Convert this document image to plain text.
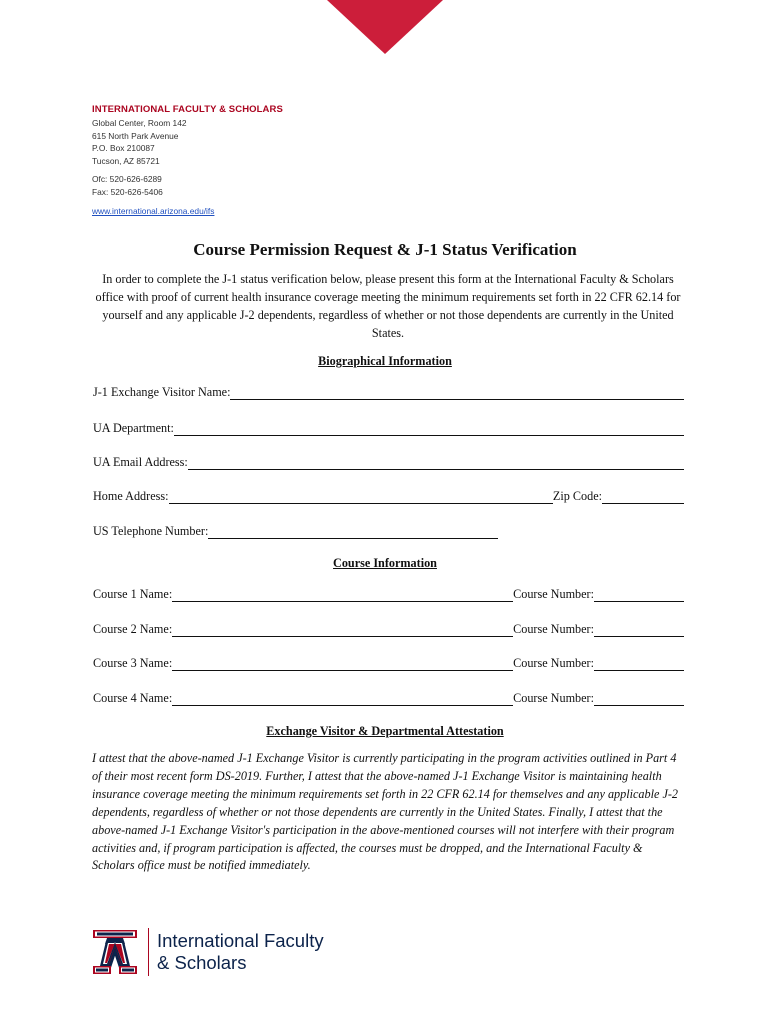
INTERNATIONAL FACULTY & SCHOLARS
Global Center, Room 142
615 North Park Avenue
P.O. Box 210087
Tucson, AZ 85721
Ofc: 520-626-6289
Fax: 520-626-5406
www.international.arizona.edu/ifs
Course Permission Request & J-1 Status Verification
In order to complete the J-1 status verification below, please present this form at the International Faculty & Scholars office with proof of current health insurance coverage meeting the minimum requirements set forth in 22 CFR 62.14 for yourself and any applicable J-2 dependents, regardless of whether or not those dependents are currently in the United States.
Biographical Information
J-1 Exchange Visitor Name:
UA Department:
UA Email Address:
Home Address:	Zip Code:
US Telephone Number:
Course Information
Course 1 Name:	Course Number:
Course 2 Name:	Course Number:
Course 3 Name:	Course Number:
Course 4 Name:	Course Number:
Exchange Visitor & Departmental Attestation
I attest that the above-named J-1 Exchange Visitor is currently participating in the program activities outlined in Part 4 of their most recent form DS-2019. Further, I attest that the above-named J-1 Exchange Visitor is maintaining health insurance coverage meeting the minimum requirements set forth in 22 CFR 62.14 for themselves and any applicable J-2 dependents, regardless of whether or not those dependents are currently in the United States. Finally, I attest that the above-named J-1 Exchange Visitor's participation in the above-mentioned courses will not interfere with their program activities and, if program participation is affected, the courses must be dropped, and the International Faculty & Scholars office must be notified immediately.
International Faculty
& Scholars
